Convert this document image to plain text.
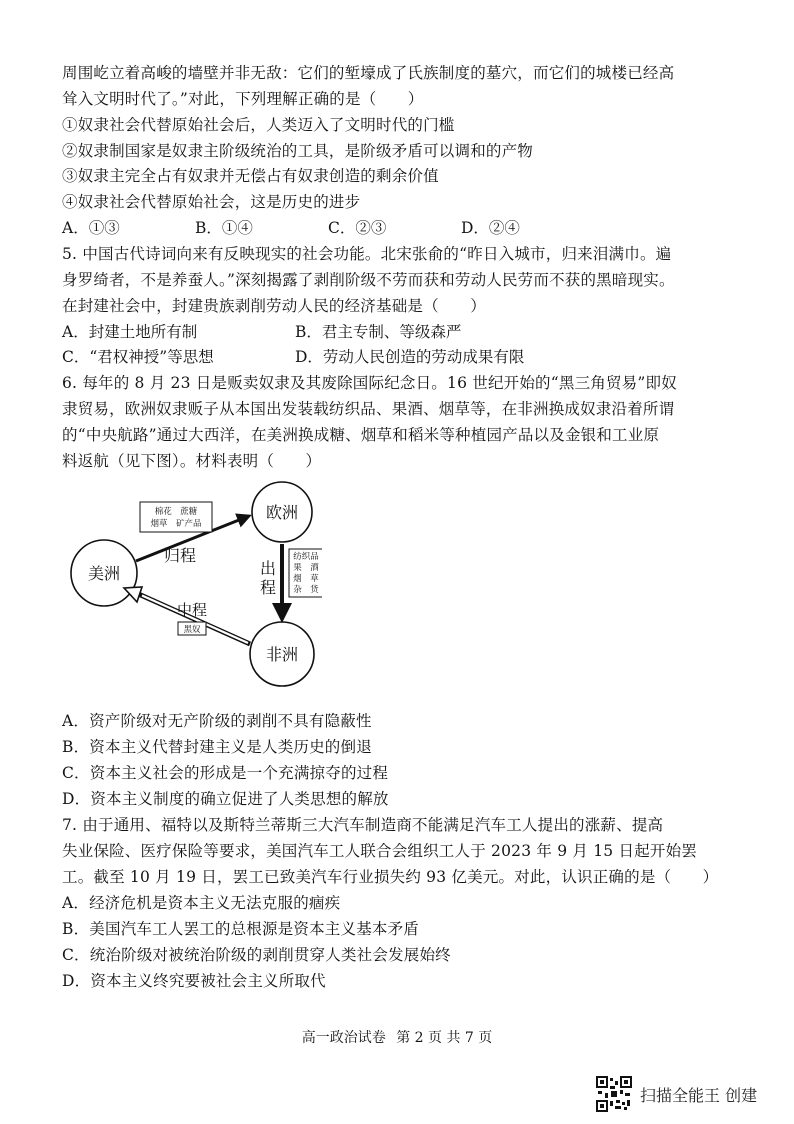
周围屹立着高峻的墙壁并非无敌：它们的堑壕成了氏族制度的墓穴，而它们的城楼已经高
耸入文明时代了。”对此，下列理解正确的是（　　）
①奴隶社会代替原始社会后，人类迈入了文明时代的门槛
②奴隶制国家是奴隶主阶级统治的工具，是阶级矛盾可以调和的产物
③奴隶主完全占有奴隶并无偿占有奴隶创造的剩余价值
④奴隶社会代替原始社会，这是历史的进步
A．①③	B．①④	C．②③	D．②④
5. 中国古代诗词向来有反映现实的社会功能。北宋张俞的“昨日入城市，归来泪满巾。遍
身罗绮者，不是养蚕人。”深刻揭露了剥削阶级不劳而获和劳动人民劳而不获的黑暗现实。
在封建社会中，封建贵族剥削劳动人民的经济基础是（　　）
A．封建土地所有制	B．君主专制、等级森严
C．“君权神授”等思想	D．劳动人民创造的劳动成果有限
6. 每年的 8 月 23 日是贩卖奴隶及其废除国际纪念日。16 世纪开始的“黑三角贸易”即奴
隶贸易，欧洲奴隶贩子从本国出发装载纺织品、果酒、烟草等，在非洲换成奴隶沿着所谓
的“中央航路”通过大西洋，在美洲换成糖、烟草和稻米等种植园产品以及金银和工业原
料返航（见下图）。材料表明（　　）
欧洲
美洲
非洲
棉花　蔗糖
烟草　矿产品
归程
出
程
纺织品
果　酒
烟　草
杂　货
中程
黑奴
A．资产阶级对无产阶级的剥削不具有隐蔽性
B．资本主义代替封建主义是人类历史的倒退
C．资本主义社会的形成是一个充满掠夺的过程
D．资本主义制度的确立促进了人类思想的解放
7. 由于通用、福特以及斯特兰蒂斯三大汽车制造商不能满足汽车工人提出的涨薪、提高
失业保险、医疗保险等要求，美国汽车工人联合会组织工人于 2023 年 9 月 15 日起开始罢
工。截至 10 月 19 日，罢工已致美汽车行业损失约 93 亿美元。对此，认识正确的是（　　）
A．经济危机是资本主义无法克服的痼疾
B．美国汽车工人罢工的总根源是资本主义基本矛盾
C．统治阶级对被统治阶级的剥削贯穿人类社会发展始终
D．资本主义终究要被社会主义所取代
高一政治试卷 第 2 页 共 7 页
扫描全能王 创建
